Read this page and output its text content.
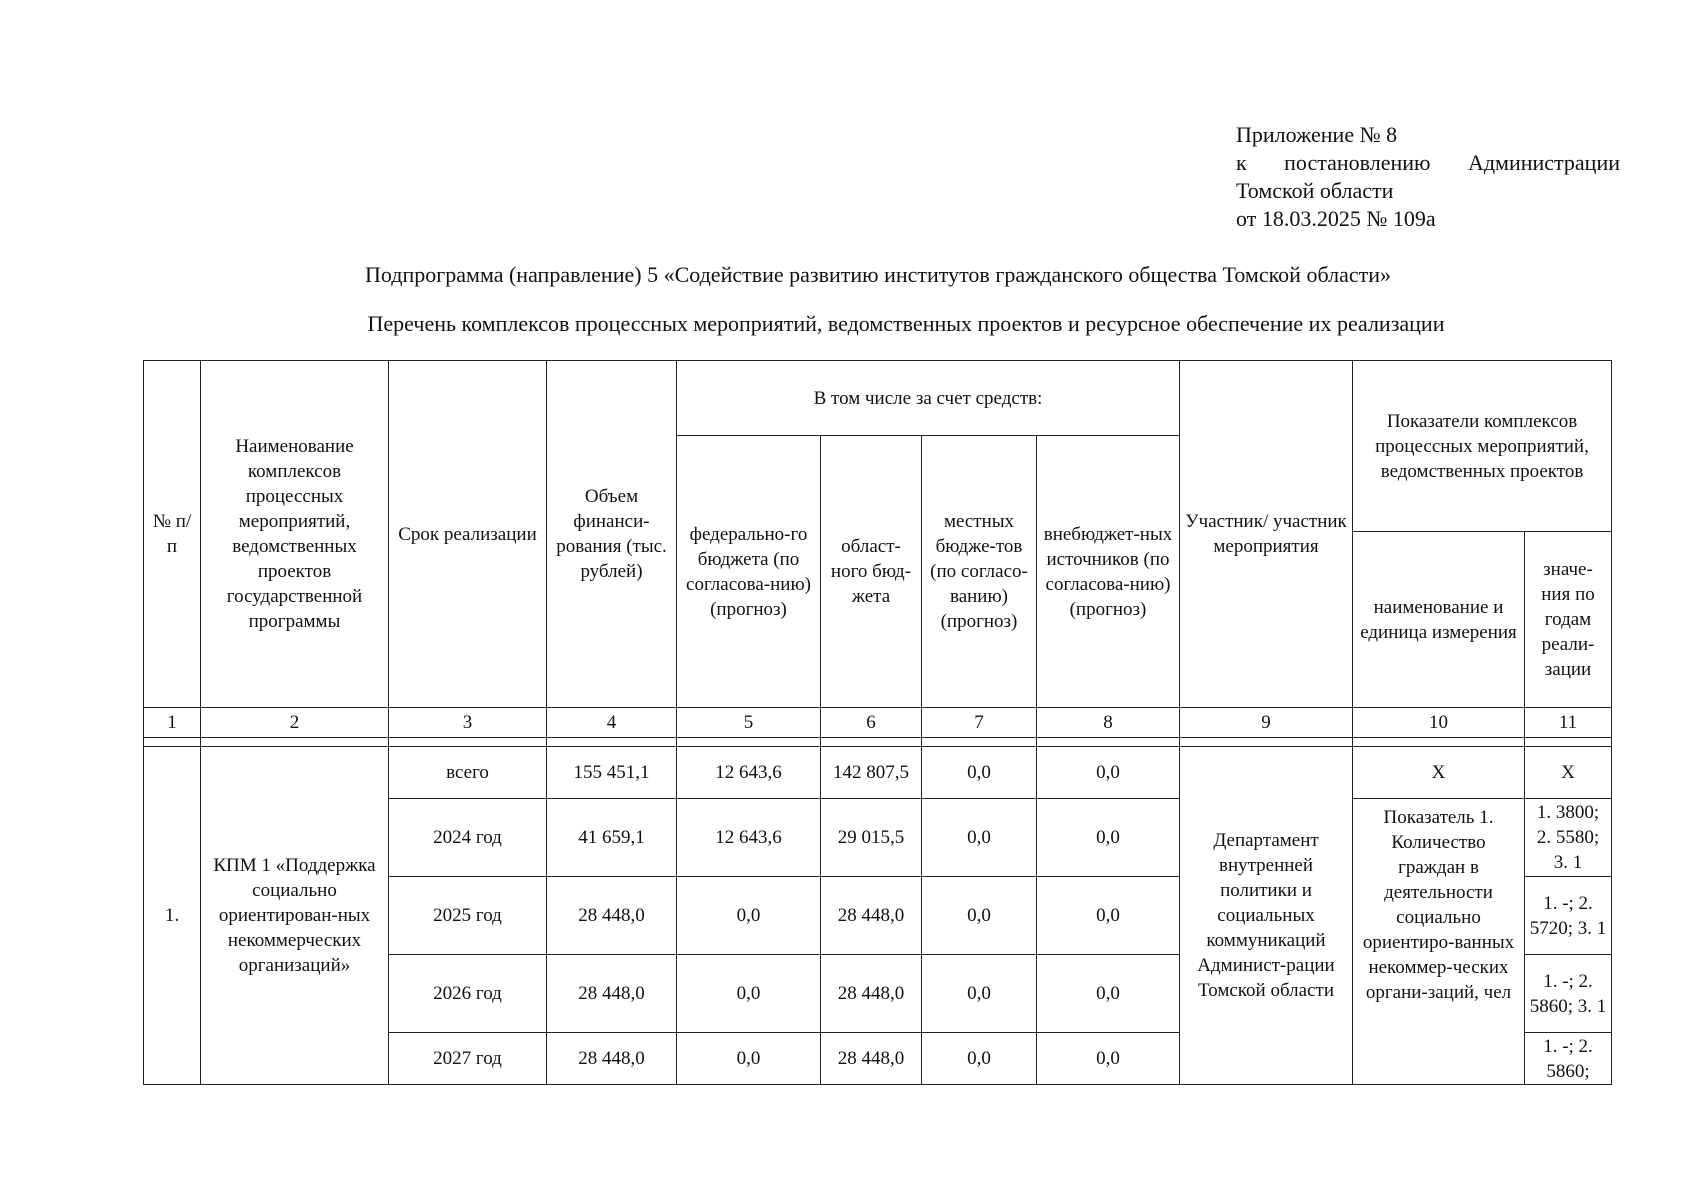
Приложение № 8
к постановлению Администрации
Томской области
от 18.03.2025 № 109а
Подпрограмма (направление) 5 «Содействие развитию институтов гражданского общества Томской области»
Перечень комплексов процессных мероприятий, ведомственных проектов и ресурсное обеспечение их реализации
№ п/п	Наименование комплексов процессных мероприятий, ведомственных проектов государственной программы	Срок реализации	Объем финанси-рования (тыс. рублей)	В том числе за счет средств:				Участник/ участник мероприятия	Показатели комплексов процессных мероприятий, ведомственных проектов	
				федерально-го бюджета (по согласова-нию) (прогноз)	област-ного бюд-жета	местных бюдже-тов (по согласо-ванию) (прогноз)	внебюджет-ных источников (по согласова-нию) (прогноз)			
									наименование и единица измерения	значе-ния по годам реали-зации
1	2	3	4	5	6	7	8	9	10	11

1.	КПМ 1 «Поддержка социально ориентирован-ных некоммерческих организаций»	всего	155 451,1	12 643,6	142 807,5	0,0	0,0	Департамент внутренней политики и социальных коммуникаций Админист-рации Томской области	X	X
		2024 год	41 659,1	12 643,6	29 015,5	0,0	0,0		Показатель 1. Количество граждан в деятельности социально ориентиро-ванных некоммер-ческих органи-заций, чел	1. 3800; 2. 5580; 3. 1
		2025 год	28 448,0	0,0	28 448,0	0,0	0,0			1. -; 2. 5720; 3. 1
		2026 год	28 448,0	0,0	28 448,0	0,0	0,0			1. -; 2. 5860; 3. 1
		2027 год	28 448,0	0,0	28 448,0	0,0	0,0			1. -; 2. 5860;
